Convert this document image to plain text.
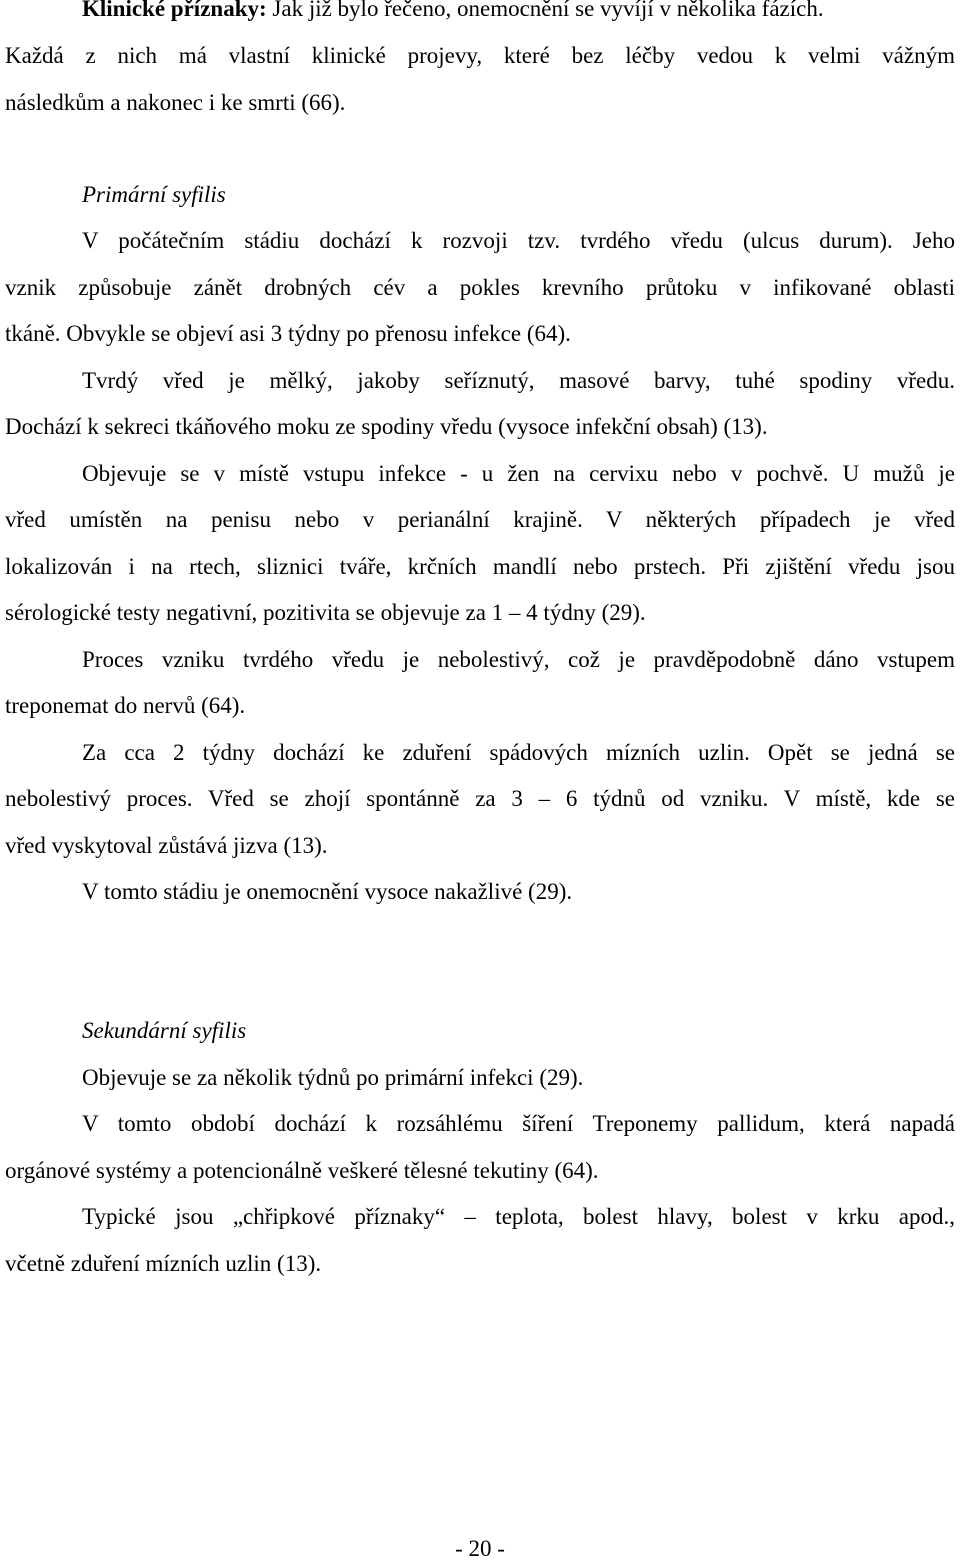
Klinické příznaky: Jak již bylo řečeno, onemocnění se vyvíjí v několika fázích.
Každá z nich má vlastní klinické projevy, které bez léčby vedou k velmi vážným
následkům a nakonec i ke smrti (66).
Primární syfilis
V počátečním stádiu dochází k rozvoji tzv. tvrdého vředu (ulcus durum). Jeho
vznik způsobuje zánět drobných cév a pokles krevního průtoku v infikované oblasti
tkáně. Obvykle se objeví asi 3 týdny po přenosu infekce (64).
Tvrdý vřed je mělký, jakoby seříznutý, masové barvy, tuhé spodiny vředu.
Dochází k sekreci tkáňového moku ze spodiny vředu (vysoce infekční obsah) (13).
Objevuje se v místě vstupu infekce - u žen na cervixu nebo v pochvě. U mužů je
vřed umístěn na penisu nebo v perianální krajině. V některých případech je vřed
lokalizován i na rtech, sliznici tváře, krčních mandlí nebo prstech. Při zjištění vředu jsou
sérologické testy negativní, pozitivita se objevuje za 1 – 4 týdny (29).
Proces vzniku tvrdého vředu je nebolestivý, což je pravděpodobně dáno vstupem
treponemat do nervů (64).
Za cca 2 týdny dochází ke zduření spádových mízních uzlin. Opět se jedná se
nebolestivý proces. Vřed se zhojí spontánně za 3 – 6 týdnů od vzniku. V místě, kde se
vřed vyskytoval zůstává jizva (13).
V tomto stádiu je onemocnění vysoce nakažlivé (29).
Sekundární syfilis
Objevuje se za několik týdnů po primární infekci (29).
V tomto období dochází k rozsáhlému šíření Treponemy pallidum, která napadá
orgánové systémy a potencionálně veškeré tělesné tekutiny (64).
Typické jsou „chřipkové příznaky“ – teplota, bolest hlavy, bolest v krku apod.,
včetně zduření mízních uzlin (13).
- 20 -
